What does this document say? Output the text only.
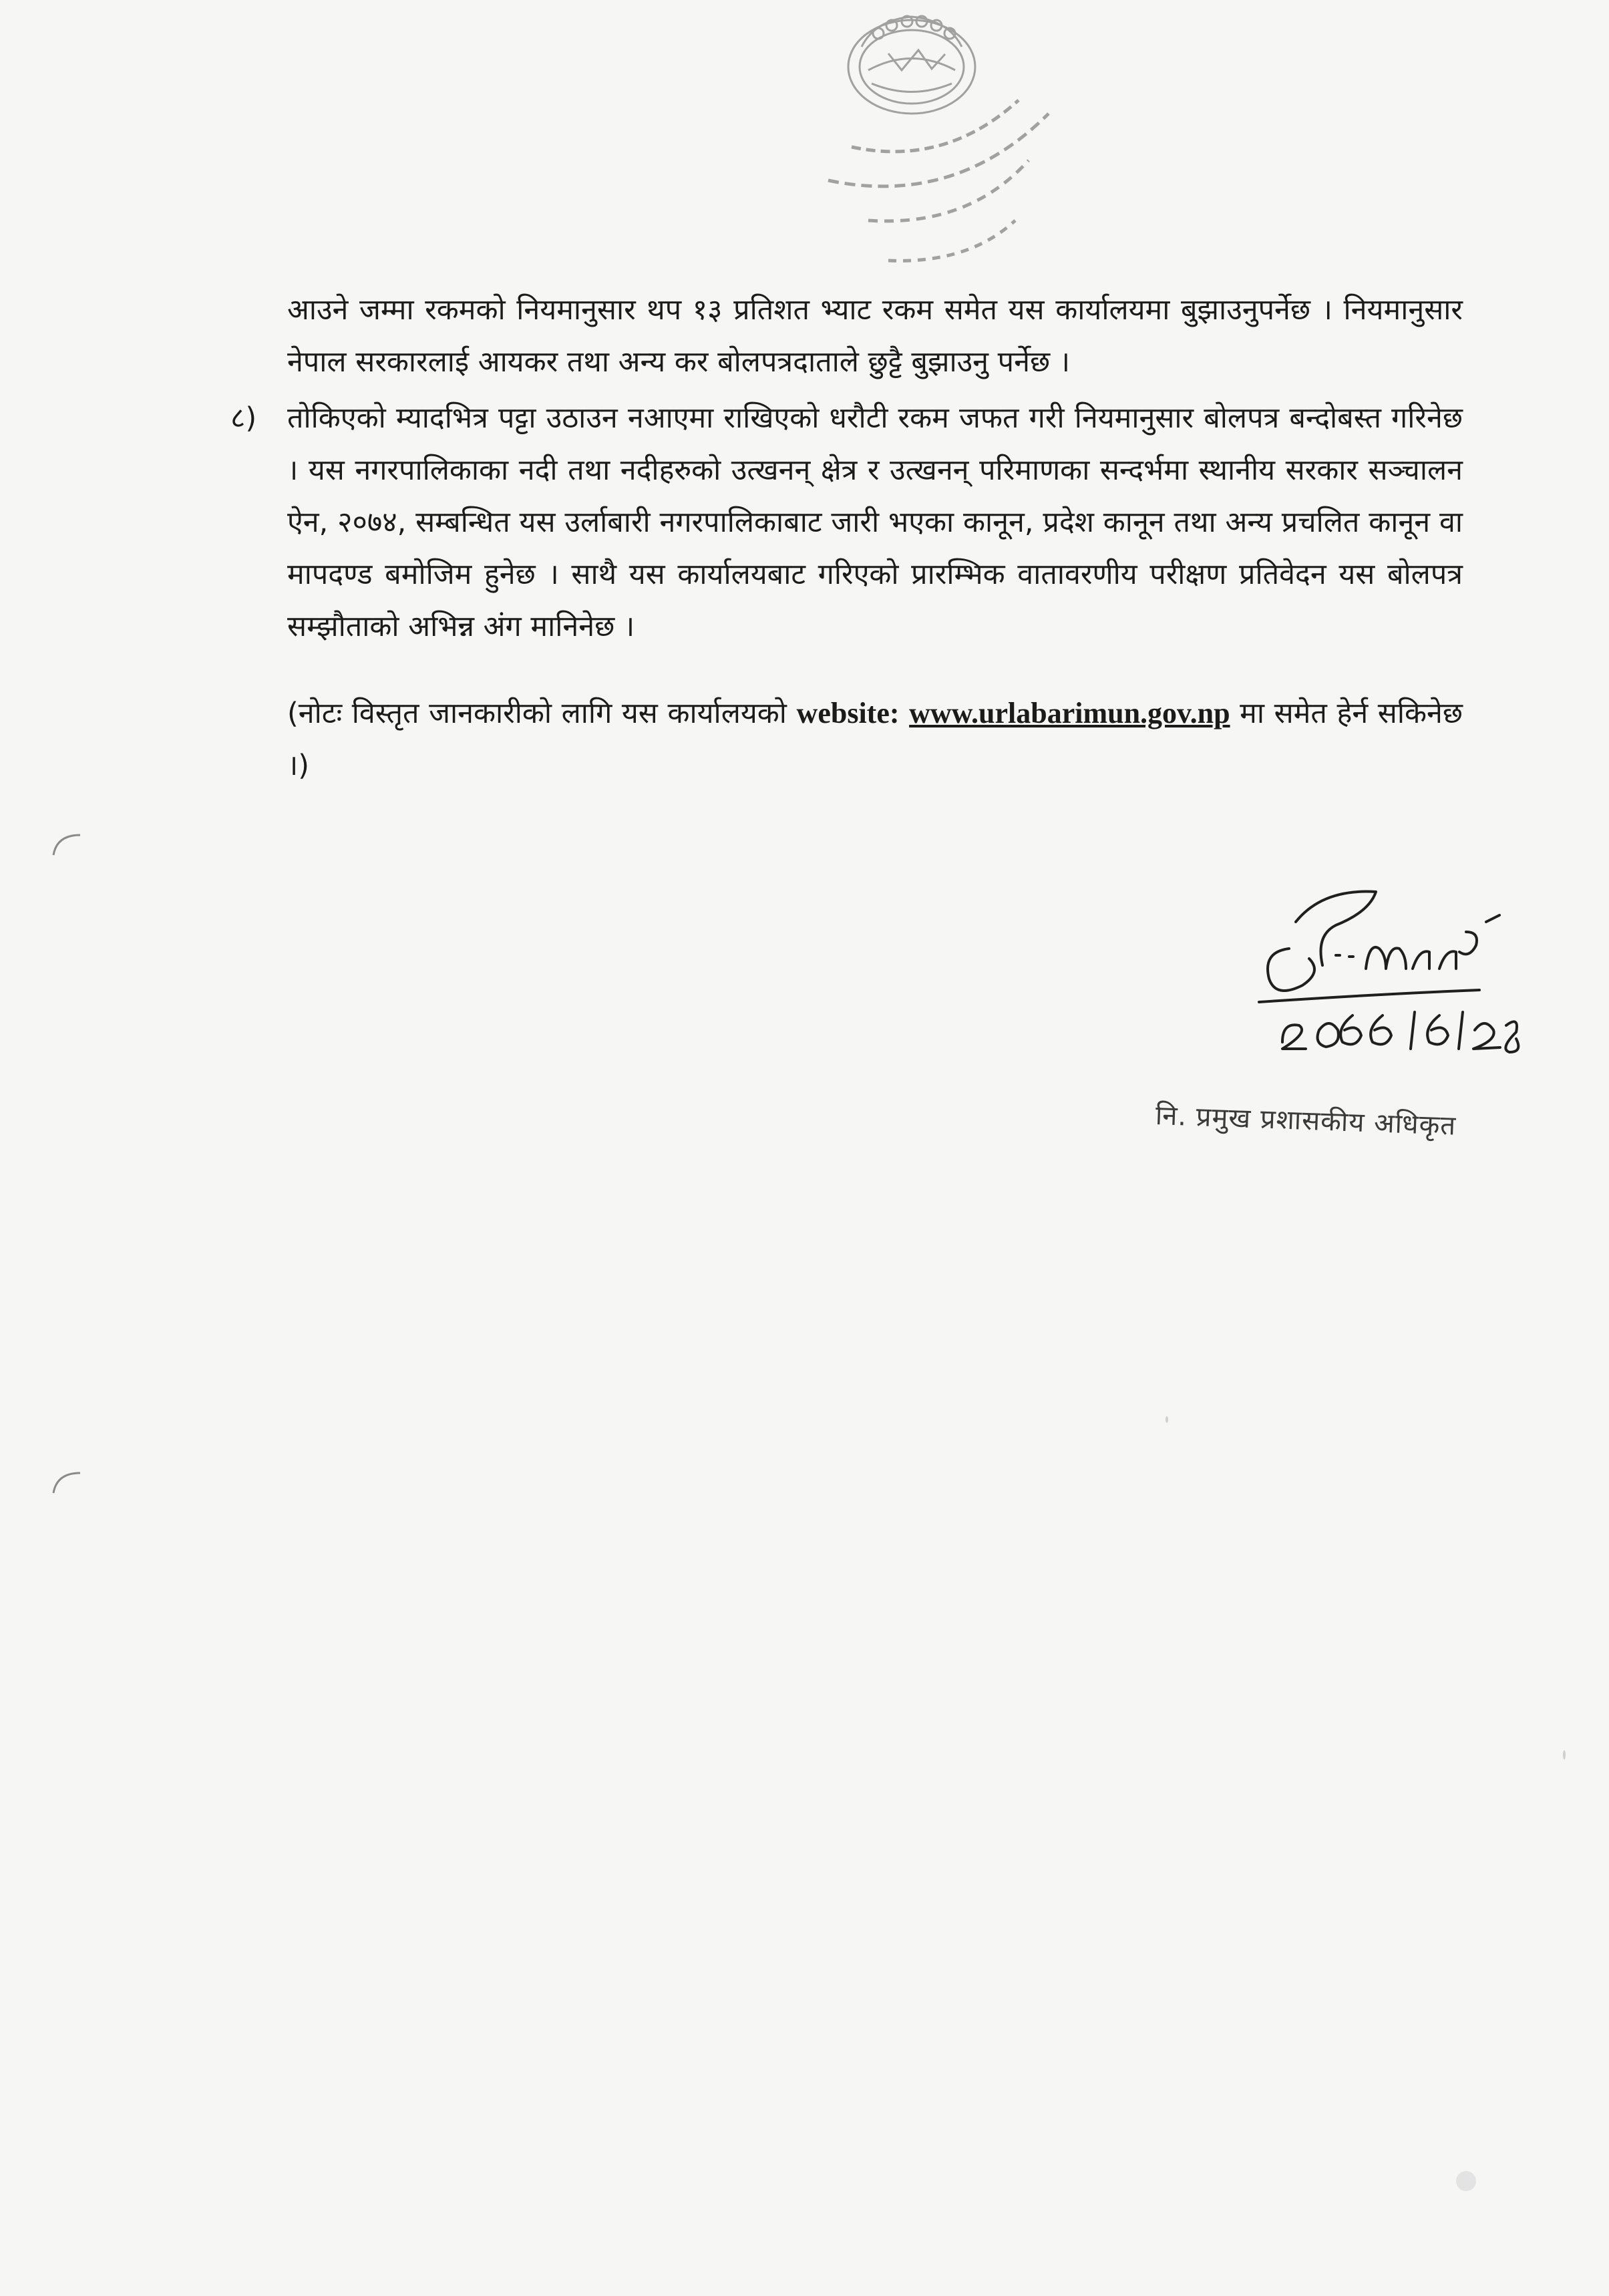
आउने जम्मा रकमको नियमानुसार थप १३ प्रतिशत भ्याट रकम समेत यस कार्यालयमा बुझाउनुपर्नेछ । नियमानुसार नेपाल सरकारलाई आयकर तथा अन्य कर बोलपत्रदाताले छुट्टै बुझाउनु पर्नेछ ।

८) तोकिएको म्यादभित्र पट्टा उठाउन नआएमा राखिएको धरौटी रकम जफत गरी नियमानुसार बोलपत्र बन्दोबस्त गरिनेछ । यस नगरपालिकाका नदी तथा नदीहरुको उत्खनन् क्षेत्र र उत्खनन् परिमाणका सन्दर्भमा स्थानीय सरकार सञ्चालन ऐन, २०७४, सम्बन्धित यस उर्लाबारी नगरपालिकाबाट जारी भएका कानून, प्रदेश कानून तथा अन्य प्रचलित कानून वा मापदण्ड बमोजिम हुनेछ । साथै यस कार्यालयबाट गरिएको प्रारम्भिक वातावरणीय परीक्षण प्रतिवेदन यस बोलपत्र सम्झौताको अभिन्न अंग मानिनेछ ।

(नोटः विस्तृत जानकारीको लागि यस कार्यालयको website: www.urlabarimun.gov.np मा समेत हेर्न सकिनेछ ।)

नि. प्रमुख प्रशासकीय अधिकृत
